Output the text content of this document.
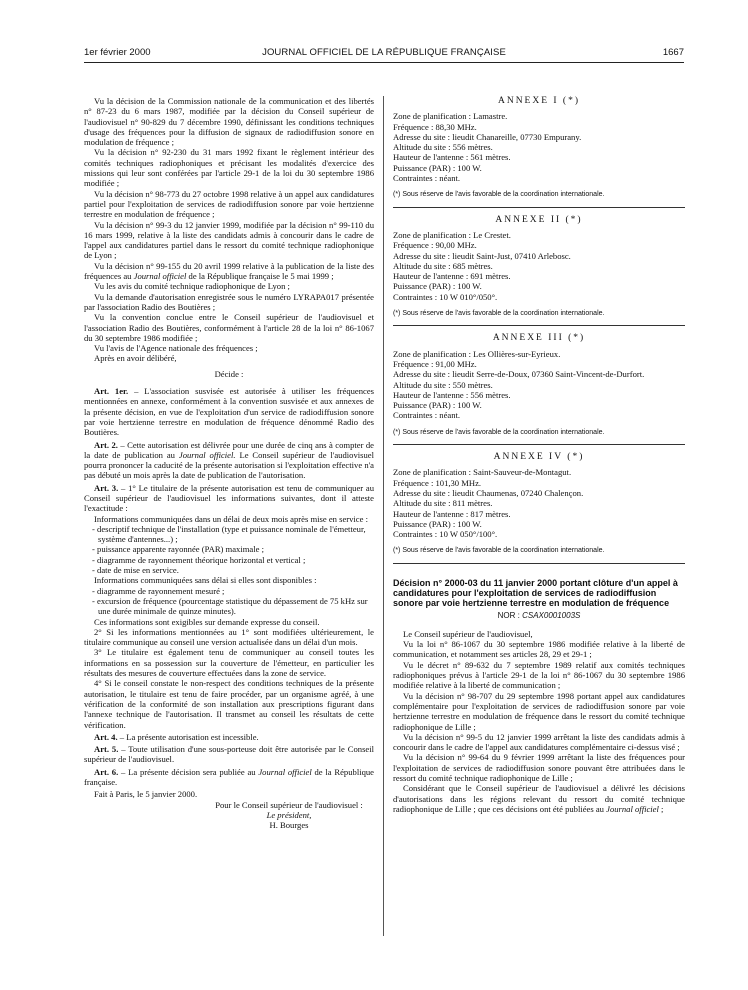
1er février 2000	JOURNAL OFFICIEL DE LA RÉPUBLIQUE FRANÇAISE	1667

Vu la décision de la Commission nationale de la communication et des libertés n° 87-23 du 6 mars 1987, modifiée par la décision du Conseil supérieur de l'audiovisuel n° 90-829 du 7 décembre 1990, définissant les conditions techniques d'usage des fréquences pour la diffusion de signaux de radiodiffusion sonore en modulation de fréquence ;

Vu la décision n° 92-230 du 31 mars 1992 fixant le règlement intérieur des comités techniques radiophoniques et précisant les modalités d'exercice des missions qui leur sont conférées par l'article 29-1 de la loi du 30 septembre 1986 modifiée ;

Vu la décision n° 98-773 du 27 octobre 1998 relative à un appel aux candidatures partiel pour l'exploitation de services de radiodiffusion sonore par voie hertzienne terrestre en modulation de fréquence ;

Vu la décision n° 99-3 du 12 janvier 1999, modifiée par la décision n° 99-110 du 16 mars 1999, relative à la liste des candidats admis à concourir dans le cadre de l'appel aux candidatures partiel dans le ressort du comité technique radiophonique de Lyon ;

Vu la décision n° 99-155 du 20 avril 1999 relative à la publication de la liste des fréquences au Journal officiel de la République française le 5 mai 1999 ;

Vu les avis du comité technique radiophonique de Lyon ;

Vu la demande d'autorisation enregistrée sous le numéro LYRAPA017 présentée par l'association Radio des Boutières ;

Vu la convention conclue entre le Conseil supérieur de l'audiovisuel et l'association Radio des Boutières, conformément à l'article 28 de la loi n° 86-1067 du 30 septembre 1986 modifiée ;

Vu l'avis de l'Agence nationale des fréquences ;

Après en avoir délibéré,

Décide :

Art. 1er. – L'association susvisée est autorisée à utiliser les fréquences mentionnées en annexe, conformément à la convention susvisée et aux annexes de la présente décision, en vue de l'exploitation d'un service de radiodiffusion sonore par voie hertzienne terrestre en modulation de fréquence dénommé Radio des Boutières.

Art. 2. – Cette autorisation est délivrée pour une durée de cinq ans à compter de la date de publication au Journal officiel. Le Conseil supérieur de l'audiovisuel pourra prononcer la caducité de la présente autorisation si l'exploitation effective n'a pas débuté un mois après la date de publication de l'autorisation.

Art. 3. – 1° Le titulaire de la présente autorisation est tenu de communiquer au Conseil supérieur de l'audiovisuel les informations suivantes, dont il atteste l'exactitude :

Informations communiquées dans un délai de deux mois après mise en service :

- descriptif technique de l'installation (type et puissance nominale de l'émetteur, système d'antennes...) ;
- puissance apparente rayonnée (PAR) maximale ;
- diagramme de rayonnement théorique horizontal et vertical ;
- date de mise en service.

Informations communiquées sans délai si elles sont disponibles :

- diagramme de rayonnement mesuré ;
- excursion de fréquence (pourcentage statistique du dépassement de 75 kHz sur une durée minimale de quinze minutes).

Ces informations sont exigibles sur demande expresse du conseil.

2° Si les informations mentionnées au 1° sont modifiées ultérieurement, le titulaire communique au conseil une version actualisée dans un délai d'un mois.

3° Le titulaire est également tenu de communiquer au conseil toutes les informations en sa possession sur la couverture de l'émetteur, en particulier les résultats des mesures de couverture effectuées dans la zone de service.

4° Si le conseil constate le non-respect des conditions techniques de la présente autorisation, le titulaire est tenu de faire procéder, par un organisme agréé, à une vérification de la conformité de son installation aux prescriptions figurant dans l'annexe technique de l'autorisation. Il transmet au conseil les résultats de cette vérification.

Art. 4. – La présente autorisation est incessible.

Art. 5. – Toute utilisation d'une sous-porteuse doit être autorisée par le Conseil supérieur de l'audiovisuel.

Art. 6. – La présente décision sera publiée au Journal officiel de la République française.

Fait à Paris, le 5 janvier 2000.

Pour le Conseil supérieur de l'audiovisuel :

Le président,

H. Bourges

ANNEXE I (*)

Zone de planification : Lamastre.

Fréquence : 88,30 MHz.

Adresse du site : lieudit Chanareille, 07730 Empurany.

Altitude du site : 556 mètres.

Hauteur de l'antenne : 561 mètres.

Puissance (PAR) : 100 W.

Contraintes : néant.

(*) Sous réserve de l'avis favorable de la coordination internationale.

ANNEXE II (*)

Zone de planification : Le Crestet.

Fréquence : 90,00 MHz.

Adresse du site : lieudit Saint-Just, 07410 Arlebosc.

Altitude du site : 685 mètres.

Hauteur de l'antenne : 691 mètres.

Puissance (PAR) : 100 W.

Contraintes : 10 W 010°/050°.

(*) Sous réserve de l'avis favorable de la coordination internationale.

ANNEXE III (*)

Zone de planification : Les Ollières-sur-Eyrieux.

Fréquence : 91,00 MHz.

Adresse du site : lieudit Serre-de-Doux, 07360 Saint-Vincent-de-Durfort.

Altitude du site : 550 mètres.

Hauteur de l'antenne : 556 mètres.

Puissance (PAR) : 100 W.

Contraintes : néant.

(*) Sous réserve de l'avis favorable de la coordination internationale.

ANNEXE IV (*)

Zone de planification : Saint-Sauveur-de-Montagut.

Fréquence : 101,30 MHz.

Adresse du site : lieudit Chaumenas, 07240 Chalençon.

Altitude du site : 811 mètres.

Hauteur de l'antenne : 817 mètres.

Puissance (PAR) : 100 W.

Contraintes : 10 W 050°/100°.

(*) Sous réserve de l'avis favorable de la coordination internationale.

Décision n° 2000-03 du 11 janvier 2000 portant clôture d'un appel à candidatures pour l'exploitation de services de radiodiffusion sonore par voie hertzienne terrestre en modulation de fréquence

NOR : CSAX0001003S

Le Conseil supérieur de l'audiovisuel,

Vu la loi n° 86-1067 du 30 septembre 1986 modifiée relative à la liberté de communication, et notamment ses articles 28, 29 et 29-1 ;

Vu le décret n° 89-632 du 7 septembre 1989 relatif aux comités techniques radiophoniques prévus à l'article 29-1 de la loi n° 86-1067 du 30 septembre 1986 modifiée relative à la liberté de communication ;

Vu la décision n° 98-707 du 29 septembre 1998 portant appel aux candidatures complémentaire pour l'exploitation de services de radiodiffusion sonore par voie hertzienne terrestre en modulation de fréquence dans le ressort du comité technique radiophonique de Lille ;

Vu la décision n° 99-5 du 12 janvier 1999 arrêtant la liste des candidats admis à concourir dans le cadre de l'appel aux candidatures complémentaire ci-dessus visé ;

Vu la décision n° 99-64 du 9 février 1999 arrêtant la liste des fréquences pour l'exploitation de services de radiodiffusion sonore pouvant être attribuées dans le ressort du comité technique radiophonique de Lille ;

Considérant que le Conseil supérieur de l'audiovisuel a délivré les décisions d'autorisations dans les régions relevant du ressort du comité technique radiophonique de Lille ; que ces décisions ont été publiées au Journal officiel ;
